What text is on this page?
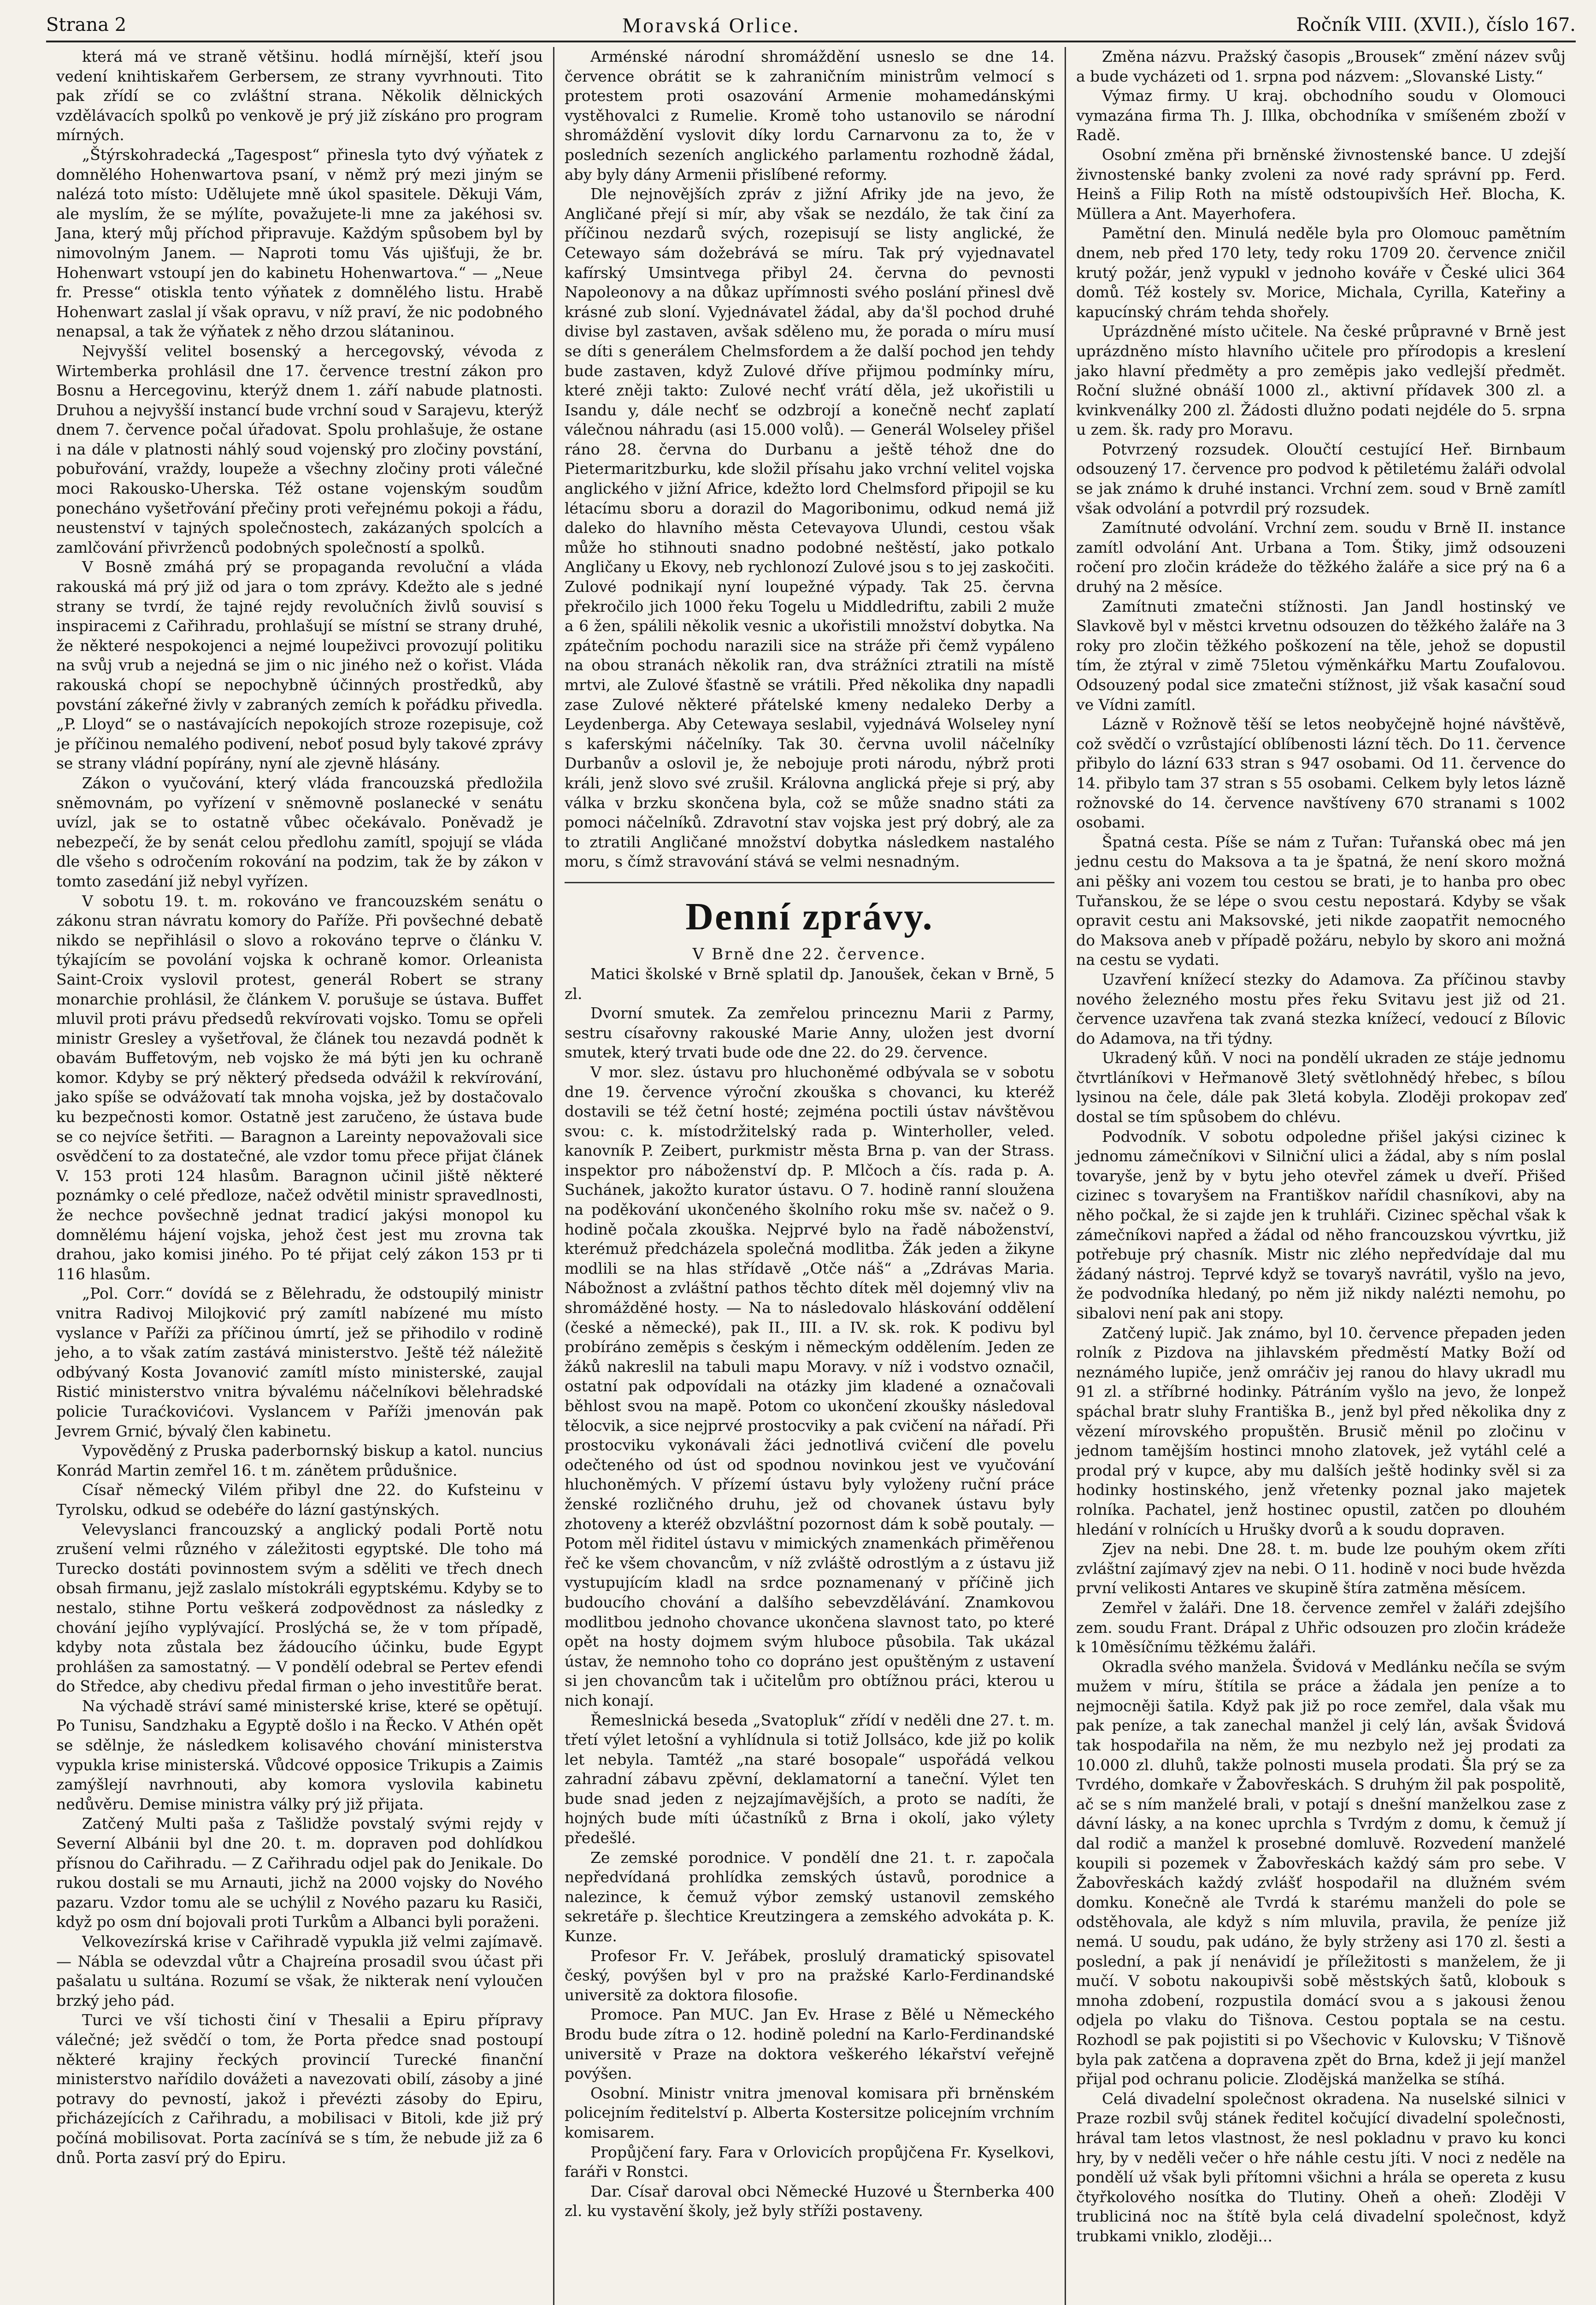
Strana 2	Moravská Orlice.	Ročník VIII. (XVII.), číslo 167.

která má ve straně většinu. hodlá mírnější, kteří jsou vedení knihtiskařem Gerbersem, ze strany vyvrhnouti. Tito pak zřídí se co zvláštní strana. Několik dělnických vzdělávacích spolků po venkově je prý již získáno pro program mírných.

„Štýrskohradecká „Tagespost“ přinesla tyto dvý výňatek z domnělého Hohenwartova psaní, v němž prý mezi jiným se nalézá toto místo: Udělujete mně úkol spasitele. Děkuji Vám, ale myslím, že se mýlíte, považujete-li mne za jakéhosi sv. Jana, který můj příchod připravuje. Každým spůsobem byl by nimovolným Janem. — Naproti tomu Vás ujišťuji, že br. Hohenwart vstoupí jen do kabinetu Hohenwartova.“ — „Neue fr. Presse“ otiskla tento výňatek z domnělého listu. Hrabě Hohenwart zaslal jí však opravu, v níž praví, že nic podobného nenapsal, a tak že výňatek z něho drzou slátaninou.

Nejvyšší velitel bosenský a hercegovský, vévoda z Wirtemberka prohlásil dne 17. července trestní zákon pro Bosnu a Hercegovinu, kterýž dnem 1. září nabude platnosti. Druhou a nejvyšší instancí bude vrchní soud v Sarajevu, kterýž dnem 7. července počal úřadovat. Spolu prohlašuje, že ostane i na dále v platnosti náhlý soud vojenský pro zločiny povstání, pobuřování, vraždy, loupeže a všechny zločiny proti válečné moci Rakousko-Uherska. Též ostane vojenským soudům ponecháno vyšetřování přečiny proti veřejnému pokoji a řádu, neustenství v tajných společnostech, zakázaných spolcích a zamlčování přivrženců podobných společností a spolků.

V Bosně zmáhá prý se propaganda revoluční a vláda rakouská má prý již od jara o tom zprávy. Kdežto ale s jedné strany se tvrdí, že tajné rejdy revolučních živlů souvisí s inspiracemi z Cařihradu, prohlašují se místní se strany druhé, že některé nespokojenci a nejmé loupeživci provozují politiku na svůj vrub a nejedná se jim o nic jiného než o kořist. Vláda rakouská chopí se nepochybně účinných prostředků, aby povstání zákeřné živly v zabraných zemích k pořádku přivedla. „P. Lloyd“ se o nastávajících nepokojích stroze rozepisuje, což je příčinou nemalého podivení, neboť posud byly takové zprávy se strany vládní popírány, nyní ale zjevně hlásány.

Zákon o vyučování, který vláda francouzská předložila sněmovnám, po vyřízení v sněmovně poslanecké v senátu uvízl, jak se to ostatně vůbec očekávalo. Poněvadž je nebezpečí, že by senát celou předlohu zamítl, spojují se vláda dle všeho s odročením rokování na podzim, tak že by zákon v tomto zasedání již nebyl vyřízen.

V sobotu 19. t. m. rokováno ve francouzském senátu o zákonu stran návratu komory do Paříže. Při povšechné debatě nikdo se nepřihlásil o slovo a rokováno teprve o článku V. týkajícím se povolání vojska k ochraně komor. Orleanista Saint-Croix vyslovil protest, generál Robert se strany monarchie prohlásil, že článkem V. porušuje se ústava. Buffet mluvil proti právu předsedů rekvírovati vojsko. Tomu se opřeli ministr Gresley a vyšetřoval, že článek tou nezavdá podnět k obavám Buffetovým, neb vojsko že má býti jen ku ochraně komor. Kdyby se prý některý předseda odvážil k rekvírování, jako spíše se odvážovatí tak mnoha vojska, jež by dostačovalo ku bezpečnosti komor. Ostatně jest zaručeno, že ústava bude se co nejvíce šetřiti. — Baragnon a Lareinty nepovažovali sice osvědčení to za dostatečné, ale vzdor tomu přece přijat článek V. 153 proti 124 hlasům. Baragnon učinil jiště některé poznámky o celé předloze, načež odvětil ministr spravedlnosti, že nechce povšechně jednat tradicí jakýsi monopol ku domnělému hájení vojska, jehož čest jest mu zrovna tak drahou, jako komisi jiného. Po té přijat celý zákon 153 pr ti 116 hlasům.

„Pol. Corr.“ dovídá se z Bělehradu, že odstoupilý ministr vnitra Radivoj Milojković prý zamítl nabízené mu místo vyslance v Paříži za příčinou úmrtí, jež se přihodilo v rodině jeho, a to však zatím zastává ministerstvo. Ještě též náležitě odbývaný Kosta Jovanović zamítl místo ministerské, zaujal Ristić ministerstvo vnitra bývalému náčelníkovi bělehradské policie Turaćkovićovi. Vyslancem v Paříži jmenován pak Jevrem Grnić, bývalý člen kabinetu.

Vypověděný z Pruska paderbornský biskup a katol. nuncius Konrád Martin zemřel 16. t m. zánětem průdušnice.

Císař německý Vilém přibyl dne 22. do Kufsteinu v Tyrolsku, odkud se odebéře do lázní gastýnských.

Velevyslanci francouzský a anglický podali Portě notu zrušení velmi různého v záležitosti egyptské. Dle toho má Turecko dostáti povinnostem svým a sděliti ve třech dnech obsah firmanu, jejž zaslalo místokráli egyptskému. Kdyby se to nestalo, stihne Portu veškerá zodpovědnost za následky z chování jejího vyplývající. Proslýchá se, že v tom případě, kdyby nota zůstala bez žádoucího účinku, bude Egypt prohlášen za samostatný. — V pondělí odebral se Pertev efendi do Středce, aby chedivu předal firman o jeho investitůře berat.

Na výchadě stráví samé ministerské krise, které se opětují. Po Tunisu, Sandzhaku a Egyptě došlo i na Řecko. V Athén opět se sdělnje, že následkem kolisavého chování ministerstva vypukla krise ministerská. Vůdcové opposice Trikupis a Zaimis zamýšlejí navrhnouti, aby komora vyslovila kabinetu nedůvěru. Demise ministra války prý již přijata.

Zatčený Multi paša z Tašlidže povstalý svými rejdy v Severní Albánii byl dne 20. t. m. dopraven pod dohlídkou přísnou do Cařihradu. — Z Cařihradu odjel pak do Jenikale. Do rukou dostali se mu Arnauti, jichž na 2000 vojsky do Nového pazaru. Vzdor tomu ale se uchýlil z Nového pazaru ku Rasiči, když po osm dní bojovali proti Turkům a Albanci byli poraženi.

Velkovezírská krise v Cařihradě vypukla již velmi zajímavě. — Nábla se odevzdal vůtr a Chajreína prosadil svou účast při pašalatu u sultána. Rozumí se však, že nikterak není vyloučen brzký jeho pád.

Turci ve vší tichosti činí v Thesalii a Epiru přípravy válečné; jež svědčí o tom, že Porta předce snad postoupí některé krajiny řeckých provincií Turecké finanční ministerstvo nařídilo dovážeti a navezovati obilí, zásoby a jiné potravy do pevností, jakož i převézti zásoby do Epiru, přicházejících z Cařihradu, a mobilisaci v Bitoli, kde již prý počíná mobilisovat. Porta zacínívá se s tím, že nebude již za 6 dnů. Porta zasví prý do Epiru.

Arménské národní shromáždění usneslo se dne 14. července obrátit se k zahraničním ministrům velmocí s protestem proti osazování Armenie mohamedánskými vystěhovalci z Rumelie. Kromě toho ustanovilo se národní shromáždění vyslovit díky lordu Carnarvonu za to, že v posledních sezeních anglického parlamentu rozhodně žádal, aby byly dány Armenii přislíbené reformy.

Dle nejnovějších zpráv z jižní Afriky jde na jevo, že Angličané přejí si mír, aby však se nezdálo, že tak činí za příčinou nezdarů svých, rozepisují se listy anglické, že Cetewayo sám dožebrává se míru. Tak prý vyjednavatel kafírský Umsintvega přibyl 24. června do pevnosti Napoleonovy a na důkaz upřímnosti svého poslání přinesl dvě krásné zub sloní. Vyjednávatel žádal, aby da'šl pochod druhé divise byl zastaven, avšak sděleno mu, že porada o míru musí se díti s generálem Chelmsfordem a že další pochod jen tehdy bude zastaven, když Zulové dříve přijmou podmínky míru, které zněji takto: Zulové nechť vrátí děla, jež ukořistili u Isandu y, dále nechť se odzbrojí a konečně nechť zaplatí válečnou náhradu (asi 15.000 volů). — Generál Wolseley přišel ráno 28. června do Durbanu a ještě téhož dne do Pietermaritzburku, kde složil přísahu jako vrchní velitel vojska anglického v jižní Africe, kdežto lord Chelmsford připojil se ku létacímu sboru a dorazil do Magoribonimu, odkud nemá již daleko do hlavního města Cetevayova Ulundi, cestou však může ho stihnouti snadno podobné neštěstí, jako potkalo Angličany u Ekovy, neb rychlonozí Zulové jsou s to jej zaskočiti. Zulové podnikají nyní loupežné výpady. Tak 25. června překročilo jich 1000 řeku Togelu u Middledriftu, zabili 2 muže a 6 žen, spálili několik vesnic a ukořistili množství dobytka. Na zpátečním pochodu narazili sice na stráže při čemž vypáleno na obou stranách několik ran, dva strážníci ztratili na místě mrtvi, ale Zulové šťastně se vrátili. Před několika dny napadli zase Zulové některé přátelské kmeny nedaleko Derby a Leydenberga. Aby Cetewaya seslabil, vyjednává Wolseley nyní s kaferskými náčelníky. Tak 30. června uvolil náčelníky Durbanův a oslovil je, že nebojuje proti národu, nýbrž proti králi, jenž slovo své zrušil. Královna anglická přeje si prý, aby válka v brzku skončena byla, což se může snadno státi za pomoci náčelníků. Zdravotní stav vojska jest prý dobrý, ale za to ztratili Angličané množství dobytka následkem nastalého moru, s čímž stravování stává se velmi nesnadným.

Denní zprávy.
V Brně dne 22. července.

Matici školské v Brně splatil dp. Janoušek, čekan v Brně, 5 zl.

Dvorní smutek. Za zemřelou princeznu Marii z Parmy, sestru císařovny rakouské Marie Anny, uložen jest dvorní smutek, který trvati bude ode dne 22. do 29. července.

V mor. slez. ústavu pro hluchoněmé odbývala se v sobotu dne 19. července výroční zkouška s chovanci, ku kteréž dostavili se též četní hosté; zejména poctili ústav návštěvou svou: c. k. místodržitelský rada p. Winterholler, veled. kanovník P. Zeibert, purkmistr města Brna p. van der Strass. inspektor pro náboženství dp. P. Mlčoch a čís. rada p. A. Suchánek, jakožto kurator ústavu. O 7. hodině ranní sloužena na poděkování ukončeného školního roku mše sv. načež o 9. hodině počala zkouška. Nejprvé bylo na řadě náboženství, kterémuž předcházela společná modlitba. Žák jeden a žikyne modlili se na hlas střídavě „Otče náš“ a „Zdrávas Maria. Nábožnost a zvláštní pathos těchto dítek měl dojemný vliv na shromážděné hosty. — Na to následovalo hláskování oddělení (české a německé), pak II., III. a IV. sk. rok. K podivu byl probíráno zeměpis s českým i německým oddělením. Jeden ze žáků nakreslil na tabuli mapu Moravy. v níž i vodstvo označil, ostatní pak odpovídali na otázky jim kladené a označovali běhlost svou na mapě. Potom co ukončení zkoušky následoval tělocvik, a sice nejprvé prostocviky a pak cvičení na nářadí. Při prostocviku vykonávali žáci jednotlivá cvičení dle povelu odečteného od úst od spodnou novinkou jest ve vyučování hluchoněmých. V přízemí ústavu byly vyloženy ruční práce ženské rozličného druhu, jež od chovanek ústavu byly zhotoveny a kteréž obzvláštní pozornost dám k sobě poutaly. — Potom měl řiditel ústavu v mimických znamenkách přiměřenou řeč ke všem chovancům, v níž zvláště odrostlým a z ústavu již vystupujícím kladl na srdce poznamenaný v příčině jich budoucího chování a dalšího sebevzdělávání. Znamkovou modlitbou jednoho chovance ukončena slavnost tato, po které opět na hosty dojmem svým hluboce působila. Tak ukázal ústav, že nemnoho toho co dopráno jest opuštěným z ustavení si jen chovancům tak i učitelům pro obtížnou práci, kterou u nich konají.

Řemeslnická beseda „Svatopluk“ zřídí v neděli dne 27. t. m. třetí výlet letošní a vyhlídnula si totiž Jollsáco, kde již po kolik let nebyla. Tamtéž „na staré bosopale“ uspořádá velkou zahradní zábavu zpěvní, deklamatorní a taneční. Výlet ten bude snad jeden z nejzajímavějších, a proto se nadíti, že hojných bude míti účastníků z Brna i okolí, jako výlety předešlé.

Ze zemské porodnice. V pondělí dne 21. t. r. započala nepředvídaná prohlídka zemských ústavů, porodnice a nalezince, k čemuž výbor zemský ustanovil zemského sekretáře p. šlechtice Kreutzingera a zemského advokáta p. K. Kunze.

Profesor Fr. V. Jeřábek, proslulý dramatický spisovatel český, povýšen byl v pro na pražské Karlo-Ferdinandské universitě za doktora filosofie.

Promoce. Pan MUC. Jan Ev. Hrase z Bělé u Německého Brodu bude zítra o 12. hodině polední na Karlo-Ferdinandské universitě v Praze na doktora veškerého lékařství veřejně povýšen.

Osobní. Ministr vnitra jmenoval komisara při brněnském policejním ředitelství p. Alberta Kostersitze policejním vrchním komisarem.

Propůjčení fary. Fara v Orlovicích propůjčena Fr. Kyselkovi, faráři v Ronstci.

Dar. Císař daroval obci Německé Huzové u Šternberka 400 zl. ku vystavění školy, jež byly stříži postaveny.

Změna názvu. Pražský časopis „Brousek“ změní název svůj a bude vycházeti od 1. srpna pod názvem: „Slovanské Listy.“

Výmaz firmy. U kraj. obchodního soudu v Olomouci vymazána firma Th. J. Illka, obchodníka v smíšeném zboží v Radě.

Osobní změna při brněnské živnostenské bance. U zdejší živnostenské banky zvoleni za nové rady správní pp. Ferd. Heinš a Filip Roth na místě odstoupivších Heř. Blocha, K. Müllera a Ant. Mayerhofera.

Pamětní den. Minulá neděle byla pro Olomouc pamětním dnem, neb před 170 lety, tedy roku 1709 20. července zničil krutý požár, jenž vypukl v jednoho kováře v České ulici 364 domů. Též kostely sv. Morice, Michala, Cyrilla, Kateřiny a kapucínský chrám tehda shořely.

Uprázdněné místo učitele. Na české průpravné v Brně jest uprázdněno místo hlavního učitele pro přírodopis a kreslení jako hlavní předměty a pro zeměpis jako vedlejší předmět. Roční služné obnáší 1000 zl., aktivní přídavek 300 zl. a kvinkvenálky 200 zl. Žádosti dlužno podati nejdéle do 5. srpna u zem. šk. rady pro Moravu.

Potvrzený rozsudek. Oloučtí cestující Heř. Birnbaum odsouzený 17. července pro podvod k pětiletému žaláři odvolal se jak známo k druhé instanci. Vrchní zem. soud v Brně zamítl však odvolání a potvrdil prý rozsudek.

Zamítnuté odvolání. Vrchní zem. soudu v Brně II. instance zamítl odvolání Ant. Urbana a Tom. Štiky, jimž odsouzeni ročení pro zločin krádeže do těžkého žaláře a sice prý na 6 a druhý na 2 měsíce.

Zamítnuti zmatečni stížnosti. Jan Jandl hostinský ve Slavkově byl v městci krvetnu odsouzen do těžkého žaláře na 3 roky pro zločin těžkého poškození na těle, jehož se dopustil tím, že ztýral v zimě 75letou výměnkářku Martu Zoufalovou. Odsouzený podal sice zmatečni stížnost, již však kasační soud ve Vídni zamítl.

Lázně v Rožnově těší se letos neobyčejně hojné návštěvě, což svědčí o vzrůstající oblíbenosti lázní těch. Do 11. července přibylo do lázní 633 stran s 947 osobami. Od 11. července do 14. přibylo tam 37 stran s 55 osobami. Celkem byly letos lázně rožnovské do 14. července navštíveny 670 stranami s 1002 osobami.

Špatná cesta. Píše se nám z Tuřan: Tuřanská obec má jen jednu cestu do Maksova a ta je špatná, že není skoro možná ani pěšky ani vozem tou cestou se brati, je to hanba pro obec Tuřanskou, že se lépe o svou cestu nepostará. Kdyby se však opravit cestu ani Maksovské, jeti nikde zaopatřit nemocného do Maksova aneb v případě požáru, nebylo by skoro ani možná na cestu se vydati.

Uzavření knížecí stezky do Adamova. Za příčinou stavby nového železného mostu přes řeku Svitavu jest již od 21. července uzavřena tak zvaná stezka knížecí, vedoucí z Bílovic do Adamova, na tři týdny.

Ukradený kůň. V noci na pondělí ukraden ze stáje jednomu čtvrtláníkovi v Heřmanově 3letý světlohnědý hřebec, s bílou lysinou na čele, dále pak 3letá kobyla. Zloději prokopav zeď dostal se tím spůsobem do chlévu.

Podvodník. V sobotu odpoledne přišel jakýsi cizinec k jednomu zámečníkovi v Silniční ulici a žádal, aby s ním poslal tovaryše, jenž by v bytu jeho otevřel zámek u dveří. Přišed cizinec s tovaryšem na Františkov nařídil chasníkovi, aby na něho počkal, že si zajde jen k truhláři. Cizinec spěchal však k zámečníkovi napřed a žádal od něho francouzskou vývrtku, již potřebuje prý chasník. Mistr nic zlého nepředvídaje dal mu žádaný nástroj. Teprvé když se tovaryš navrátil, vyšlo na jevo, že podvodníka hledaný, po něm již nikdy nalézti nemohu, po sibalovi není pak ani stopy.

Zatčený lupič. Jak známo, byl 10. července přepaden jeden rolník z Pizdova na jihlavském předměstí Matky Boží od neznámého lupiče, jenž omráčiv jej ranou do hlavy ukradl mu 91 zl. a stříbrné hodinky. Pátráním vyšlo na jevo, že lonpež spáchal bratr sluhy Františka B., jenž byl před několika dny z vězení mírovského propuštěn. Brusič měnil po zločinu v jednom tamějším hostinci mnoho zlatovek, jež vytáhl celé a prodal prý v kupce, aby mu dalších ještě hodinky svěl si za hodinky hostinského, jenž vřetenky poznal jako majetek rolníka. Pachatel, jenž hostinec opustil, zatčen po dlouhém hledání v rolnících u Hrušky dvorů a k soudu dopraven.

Zjev na nebi. Dne 28. t. m. bude lze pouhým okem zříti zvláštní zajímavý zjev na nebi. O 11. hodině v noci bude hvězda první velikosti Antares ve skupině štíra zatměna měsícem.

Zemřel v žaláři. Dne 18. července zemřel v žaláři zdejšího zem. soudu Frant. Drápal z Uhřic odsouzen pro zločin krádeže k 10měsíčnímu těžkému žaláři.

Okradla svého manžela. Švidová v Medlánku nečíla se svým mužem v míru, štítila se práce a žádala jen peníze a to nejmocněji šatila. Když pak již po roce zemřel, dala však mu pak peníze, a tak zanechal manžel ji celý lán, avšak Švidová tak hospodařila na něm, že mu nezbylo než jej prodati za 10.000 zl. dluhů, takže polnosti musela prodati. Šla prý se za Tvrdého, domkaře v Žabovřeskách. S druhým žil pak pospolitě, ač se s ním manželé brali, v potají s dnešní manželkou zase z dávní lásky, a na konec uprchla s Tvrdým z domu, k čemuž jí dal rodič a manžel k prosebné domluvě. Rozvedení manželé koupili si pozemek v Žabovřeskách každý sám pro sebe. V Žabovřeskách každý zvlášť hospodařil na dlužném svém domku. Konečně ale Tvrdá k starému manželi do pole se odstěhovala, ale když s ním mluvila, pravila, že peníze již nemá. U soudu, pak udáno, že byly strženy asi 170 zl. šesti a poslední, a pak jí nenávidí je příležitosti s manželem, že ji mučí. V sobotu nakoupivši sobě městských šatů, klobouk s mnoha zdobení, rozpustila domácí svou a s jakousi ženou odjela po vlaku do Tišnova. Cestou poptala se na cestu. Rozhodl se pak pojistiti si po Všechovic v Kulovsku; V Tišnově byla pak zatčena a dopravena zpět do Brna, kdež ji její manžel přijal pod ochranu policie. Zlodějská manželka se stíhá.

Celá divadelní společnost okradena. Na nuselské silnici v Praze rozbil svůj stánek ředitel kočující divadelní společnosti, hrával tam letos vlastnost, že nesl pokladnu v pravo ku konci hry, by v neděli večer o hře náhle cestu jíti. V noci z neděle na pondělí už však byli přítomni všichni a hrála se opereta z kusu čtyřkolového nosítka do Tlutiny. Oheň a oheň: Zloději V trubliciná noc na štítě byla celá divadelní společnost, když trubkami vniklo, zloději...
